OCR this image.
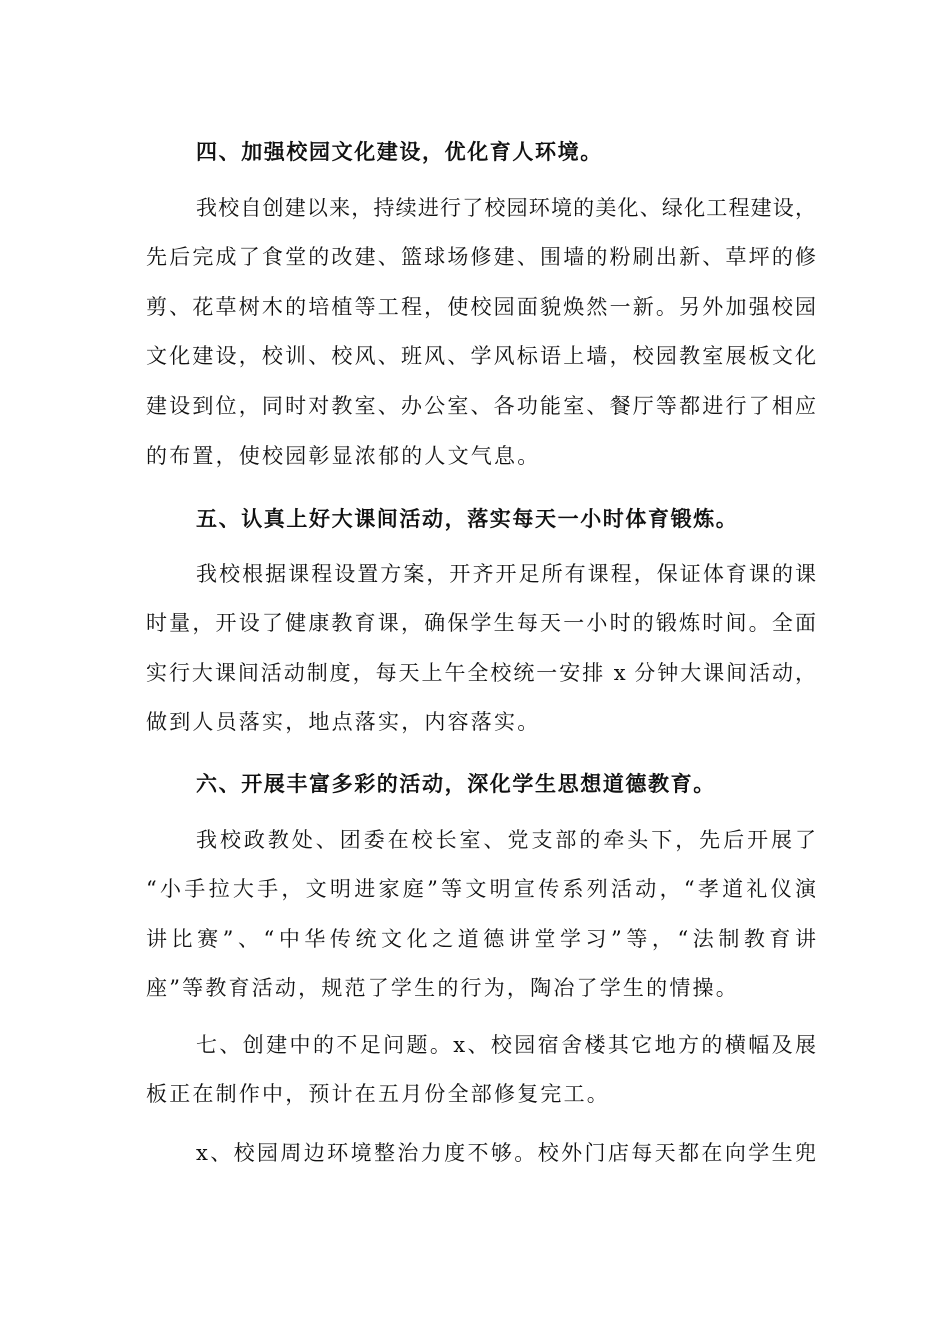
四、加强校园文化建设，优化育人环境。
我校自创建以来，持续进行了校园环境的美化、绿化工程建设，
先后完成了食堂的改建、篮球场修建、围墙的粉刷出新、草坪的修
剪、花草树木的培植等工程，使校园面貌焕然一新。另外加强校园
文化建设，校训、校风、班风、学风标语上墙，校园教室展板文化
建设到位，同时对教室、办公室、各功能室、餐厅等都进行了相应
的布置，使校园彰显浓郁的人文气息。
五、认真上好大课间活动，落实每天一小时体育锻炼。
我校根据课程设置方案，开齐开足所有课程，保证体育课的课
时量，开设了健康教育课，确保学生每天一小时的锻炼时间。全面
实行大课间活动制度，每天上午全校统一安排 x 分钟大课间活动，
做到人员落实，地点落实，内容落实。
六、开展丰富多彩的活动，深化学生思想道德教育。
我校政教处、团委在校长室、党支部的牵头下，先后开展了
“小手拉大手，文明进家庭”等文明宣传系列活动，“孝道礼仪演
讲比赛”、“中华传统文化之道德讲堂学习”等，“法制教育讲
座”等教育活动，规范了学生的行为，陶冶了学生的情操。
七、创建中的不足问题。x、校园宿舍楼其它地方的横幅及展
板正在制作中，预计在五月份全部修复完工。
x、校园周边环境整治力度不够。校外门店每天都在向学生兜
